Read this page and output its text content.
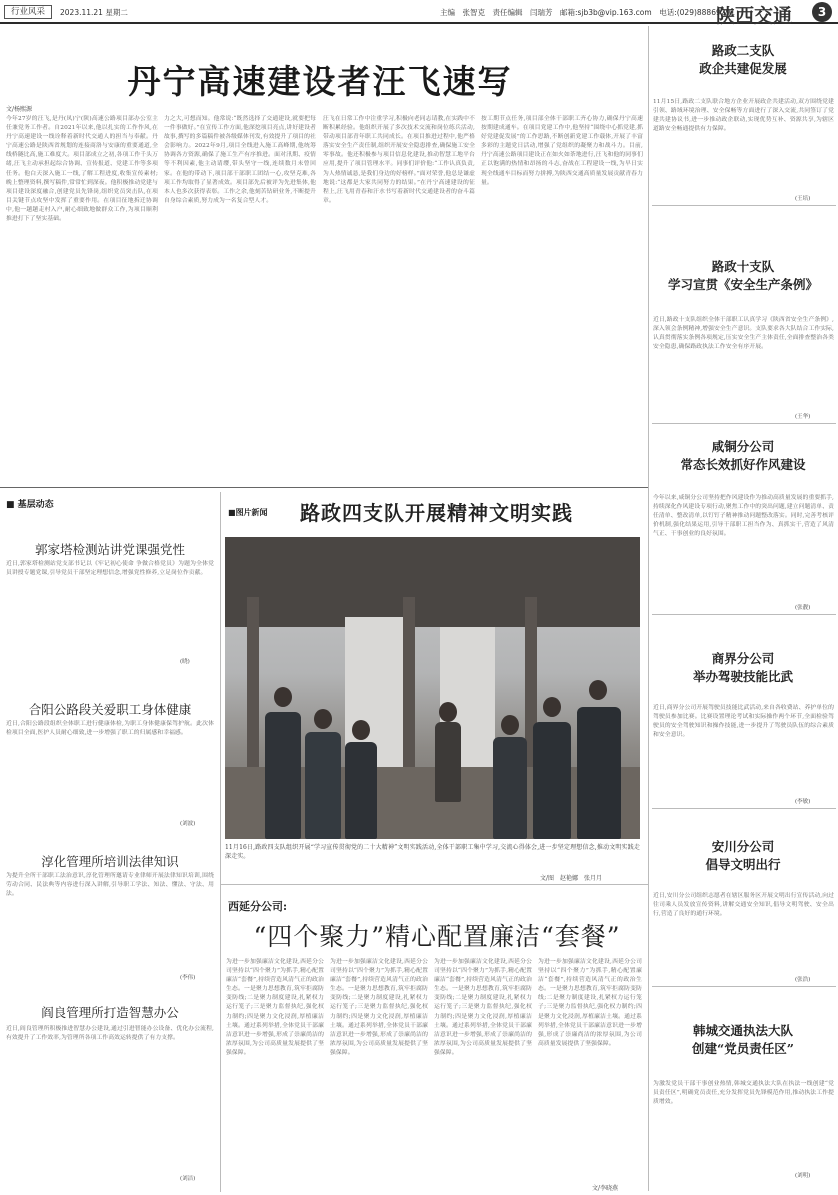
行业风采	2023.11.21 星期二	主编　张智克　责任编辑　闫瑞芳　邮箱:sjb3b@vip.163.com　电话:(029)88869291
陕西交通	3
丹宁高速建设者汪飞速写
文/杨熙源
今年27岁的汪飞,是丹(凤)宁(陕)高速公路项目部办公室主任兼党务工作者。自2021年以来,他以扎实的工作作风,在丹宁高速建设一线诠释着新时代交通人的担当与奉献。丹宁高速公路是陕西省规划的连接商洛与安康的重要通道,全线桥隧比高,施工难度大。项目部成立之初,各项工作千头万绪,汪飞主动承担起综合协调、宣传报道、党建工作等多项任务。他白天深入施工一线,了解工程进度,收集宣传素材;晚上整理资料,撰写稿件,常常忙到深夜。他积极推动党建与项目建设深度融合,创建党员先锋岗,组织党员突击队,在项目关键节点攻坚中发挥了重要作用。在项目征地拆迁协调中,他一趟趟走村入户,耐心细致地做群众工作,为项目顺利推进打下了坚实基础。
力之大,可想而知。他常说:“既然选择了交通建设,就要把每一件事做好。”在宣传工作方面,他深挖项目亮点,讲好建设者故事,撰写的多篇稿件被各级媒体刊发,有效提升了项目的社会影响力。2022年9月,项目全线进入施工高峰期,他统筹协调各方资源,确保了施工生产有序推进。面对汛期、疫情等不利因素,他主动请缨,带头坚守一线,连续数月未曾回家。在他的带动下,项目部干部职工团结一心,攻坚克难,各项工作均取得了显著成效。项目部先后被评为先进集体,他本人也多次获得表彰。工作之余,他刻苦钻研业务,不断提升自身综合素质,努力成为一名复合型人才。
汪飞在日常工作中注重学习,积极向老同志请教,在实践中不断积累经验。他组织开展了多次技术交流和岗位练兵活动,带动项目部青年职工共同成长。在项目推进过程中,他严格落实安全生产责任制,组织开展安全隐患排查,确保施工安全零事故。他还积极参与项目信息化建设,推动智慧工地平台应用,提升了项目管理水平。同事们评价他:“工作认真负责,为人热情诚恳,是我们身边的好榜样。”面对荣誉,他总是谦虚地说:“这都是大家共同努力的结果。”在丹宁高速建设的征程上,汪飞用青春和汗水书写着新时代交通建设者的奋斗篇章。
按工期节点任务,项目部全体干部职工齐心协力,确保丹宁高速按期建成通车。在项目党建工作中,他坚持“围绕中心抓党建,抓好党建促发展”的工作思路,不断创新党建工作载体,开展了丰富多彩的主题党日活动,增强了党组织的凝聚力和战斗力。目前,丹宁高速公路项目建设正在如火如荼地进行,汪飞和他的同事们正以饱满的热情和昂扬的斗志,奋战在工程建设一线,为早日实现全线通车目标而努力拼搏,为陕西交通高质量发展贡献青春力量。
路政二支队
政企共建促发展
11月15日,路政二支队联合地方企业开展政企共建活动,双方围绕党建引领、路域环境治理、安全保畅等方面进行了深入交流,共同签订了党建共建协议书,进一步推动政企联动,实现优势互补、资源共享,为辖区道路安全畅通提供有力保障。
(王培)
路政十支队
学习宣贯《安全生产条例》
近日,路政十支队组织全体干部职工认真学习《陕西省安全生产条例》,深入领会条例精神,增强安全生产意识。支队要求各大队结合工作实际,认真贯彻落实条例各项规定,压实安全生产主体责任,全面排查整治各类安全隐患,确保路政执法工作安全有序开展。
(王华)
咸铜分公司
常态长效抓好作风建设
今年以来,咸铜分公司坚持把作风建设作为推动高质量发展的重要抓手,持续深化作风建设专项行动,聚焦工作中的突出问题,建立问题清单、责任清单、整改清单,以钉钉子精神推动问题整改落实。同时,完善考核评价机制,强化结果运用,引导干部职工担当作为、真抓实干,营造了风清气正、干事创业的良好氛围。
(张靓)
商界分公司
举办驾驶技能比武
近日,商界分公司开展驾驶员技能比武活动,来自各收费站、养护单位的驾驶员参加比赛。比赛设置理论考试和实际操作两个环节,全面检验驾驶员的安全驾驶知识和操作技能,进一步提升了驾驶员队伍的综合素质和安全意识。
(李敏)
安川分公司
倡导文明出行
近日,安川分公司组织志愿者在辖区服务区开展文明出行宣传活动,向过往司乘人员发放宣传资料,讲解交通安全知识,倡导文明驾驶、安全出行,营造了良好的通行环境。
(张浩)
韩城交通执法大队
创建“党员责任区”
为激发党员干部干事创业热情,韩城交通执法大队在执法一线创建“党员责任区”,明确党员责任,充分发挥党员先锋模范作用,推动执法工作提质增效。
(刘明)
■ 基层动态
郭家塔检测站讲党课强党性
近日,郭家塔检测站党支部书记以《牢记初心使命 争做合格党员》为题为全体党员讲授专题党课,引导党员干部坚定理想信念,增强党性修养,立足岗位作贡献。
(晓)
合阳公路段关爱职工身体健康
近日,合阳公路段组织全体职工进行健康体检,为职工身体健康保驾护航。此次体检项目全面,医护人员耐心细致,进一步增强了职工的归属感和幸福感。
(刘波)
淳化管理所培训法律知识
为提升全所干部职工法治意识,淳化管理所邀请专业律师开展法律知识培训,围绕劳动合同、民法典等内容进行深入讲解,引导职工学法、知法、懂法、守法、用法。
(李伟)
阎良管理所打造智慧办公
近日,阎良管理所积极推进智慧办公建设,通过引进智能办公设备、优化办公流程,有效提升了工作效率,为管理所各项工作高效运转提供了有力支撑。
(刘洁)
■图片新闻 路政四支队开展精神文明实践
11月16日,路政四支队组织开展“学习宣传贯彻党的二十大精神”文明实践活动,全体干部职工集中学习,交流心得体会,进一步坚定理想信念,推动文明实践走深走实。
文/图　赵艳娜　张月月
西延分公司:
“四个聚力”精心配置廉洁“套餐”
为进一步加强廉洁文化建设,西延分公司坚持以“四个聚力”为抓手,精心配置廉洁“套餐”,持续营造风清气正的政治生态。一是聚力思想教育,筑牢拒腐防变防线;二是聚力制度建设,扎紧权力运行笼子;三是聚力监督执纪,强化权力制约;四是聚力文化浸润,厚植廉洁土壤。通过系列举措,全体党员干部廉洁意识进一步增强,形成了崇廉尚洁的浓厚氛围,为公司高质量发展提供了坚强保障。
为进一步加强廉洁文化建设,西延分公司坚持以“四个聚力”为抓手,精心配置廉洁“套餐”,持续营造风清气正的政治生态。一是聚力思想教育,筑牢拒腐防变防线;二是聚力制度建设,扎紧权力运行笼子;三是聚力监督执纪,强化权力制约;四是聚力文化浸润,厚植廉洁土壤。通过系列举措,全体党员干部廉洁意识进一步增强,形成了崇廉尚洁的浓厚氛围,为公司高质量发展提供了坚强保障。
为进一步加强廉洁文化建设,西延分公司坚持以“四个聚力”为抓手,精心配置廉洁“套餐”,持续营造风清气正的政治生态。一是聚力思想教育,筑牢拒腐防变防线;二是聚力制度建设,扎紧权力运行笼子;三是聚力监督执纪,强化权力制约;四是聚力文化浸润,厚植廉洁土壤。通过系列举措,全体党员干部廉洁意识进一步增强,形成了崇廉尚洁的浓厚氛围,为公司高质量发展提供了坚强保障。
为进一步加强廉洁文化建设,西延分公司坚持以“四个聚力”为抓手,精心配置廉洁“套餐”,持续营造风清气正的政治生态。一是聚力思想教育,筑牢拒腐防变防线;二是聚力制度建设,扎紧权力运行笼子;三是聚力监督执纪,强化权力制约;四是聚力文化浸润,厚植廉洁土壤。通过系列举措,全体党员干部廉洁意识进一步增强,形成了崇廉尚洁的浓厚氛围,为公司高质量发展提供了坚强保障。
文/李晓燕
